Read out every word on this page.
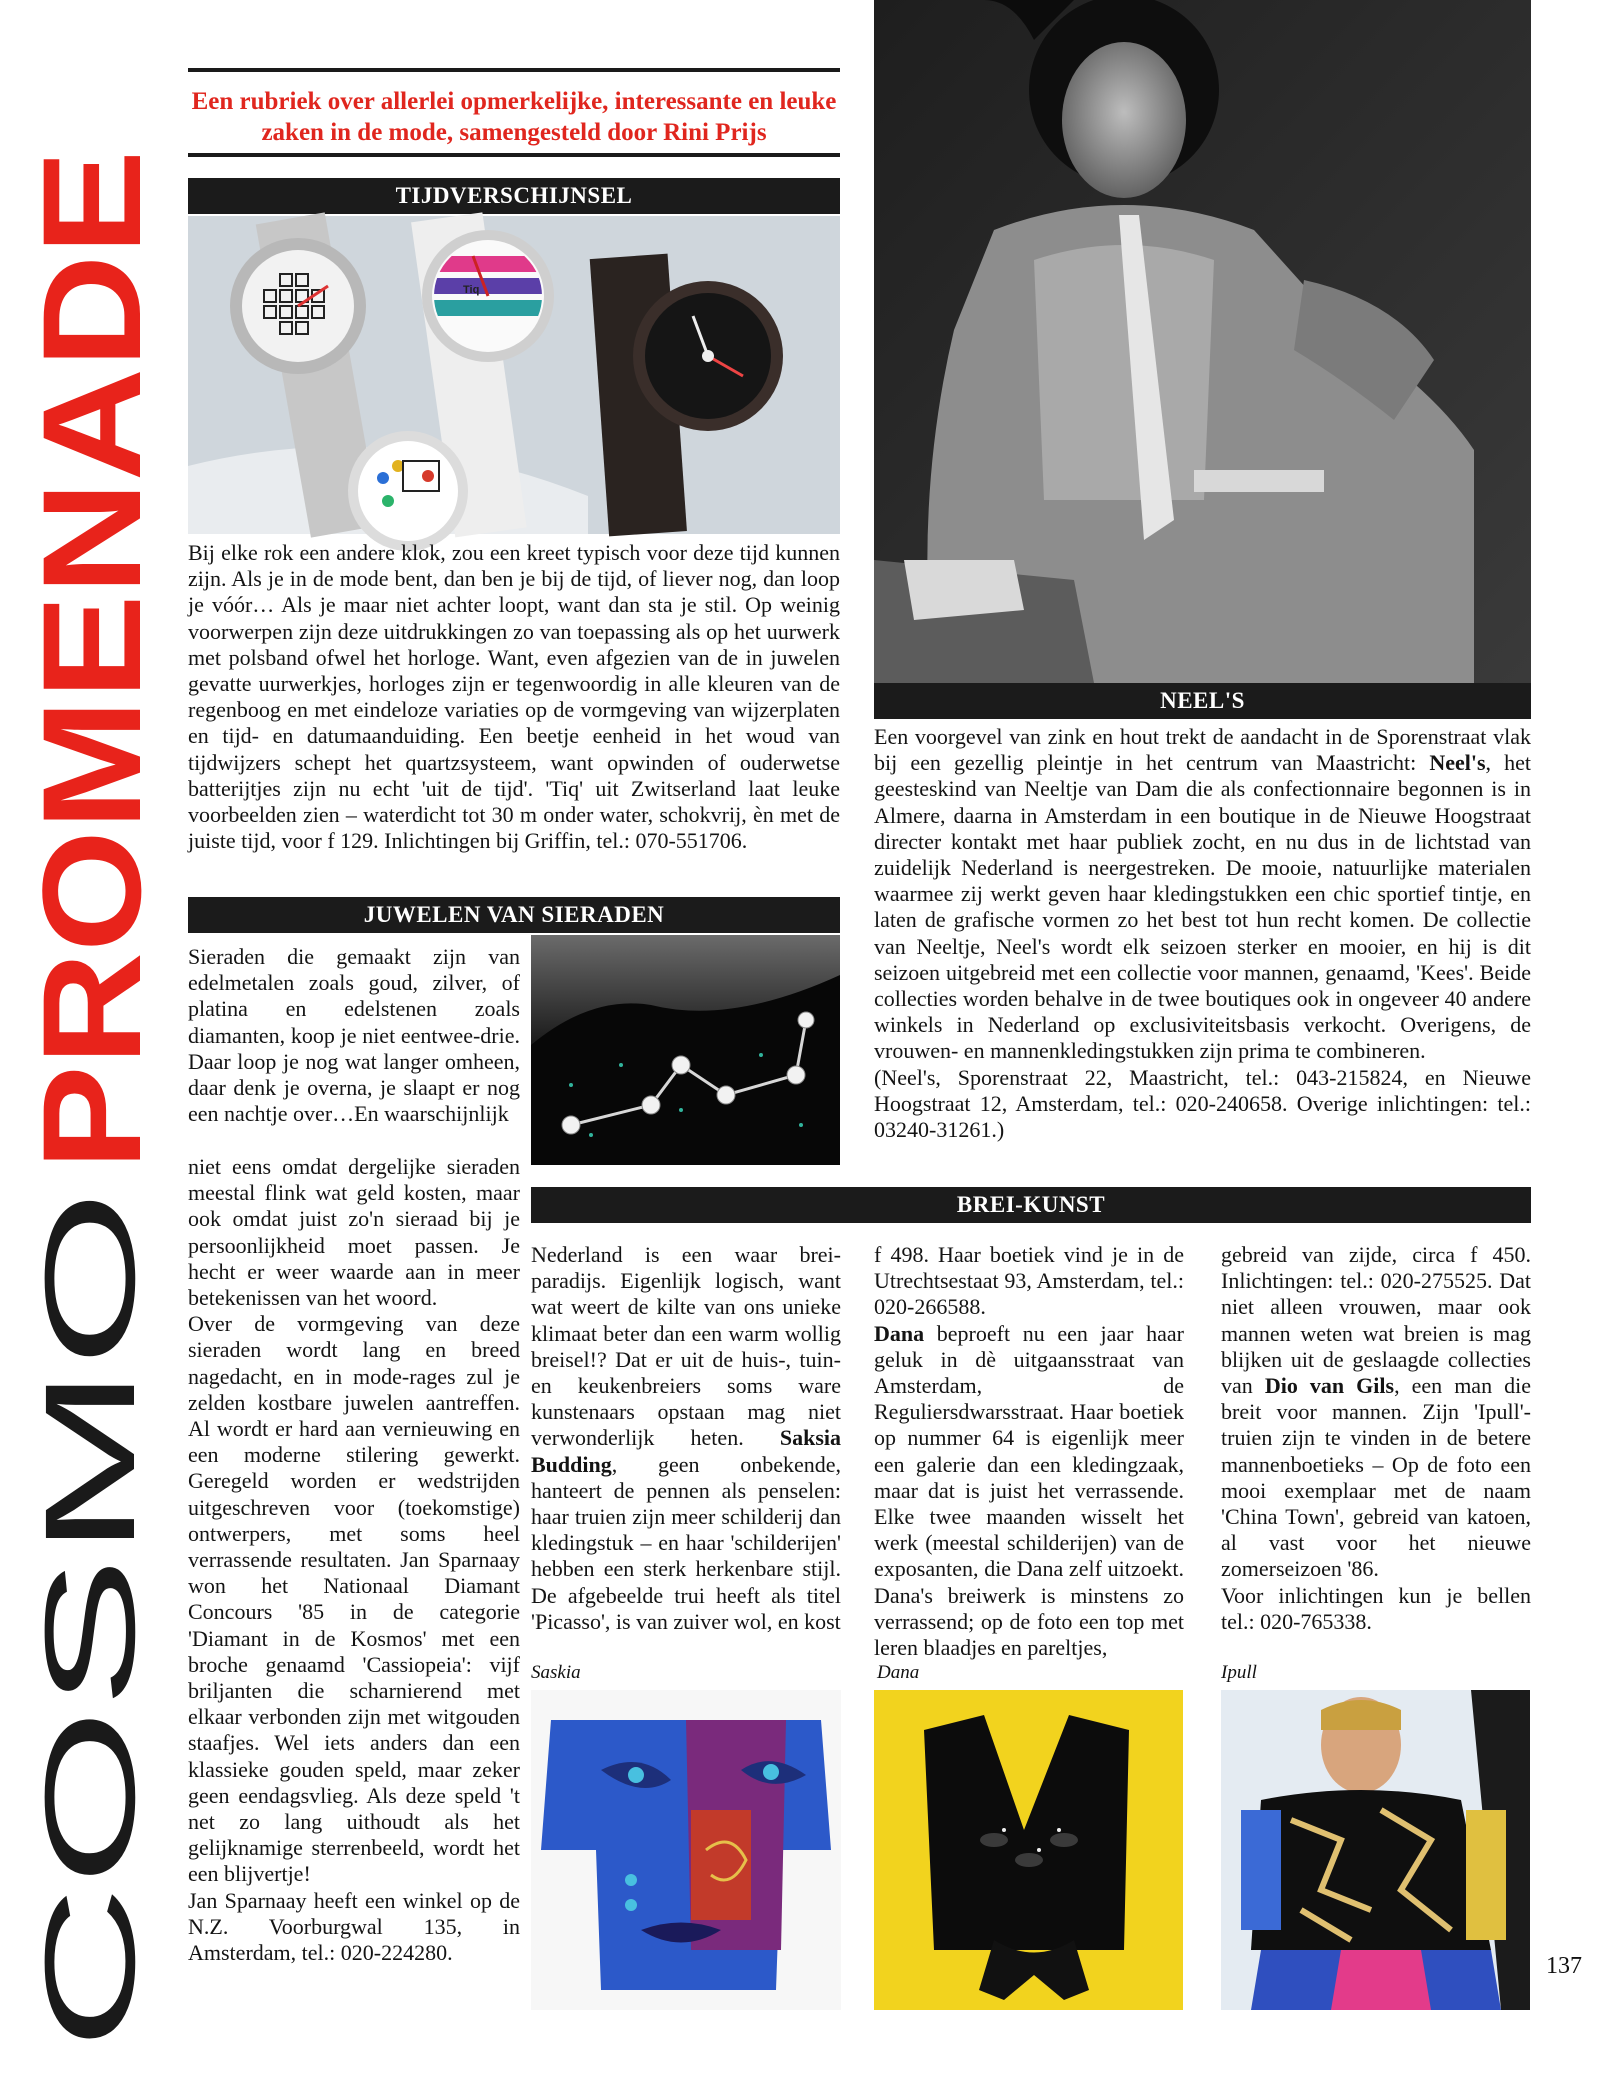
COSMO
PROMENADE
Een rubriek over allerlei opmerkelijke, interessante en leuke zaken in de mode, samengesteld door Rini Prijs
TIJDVERSCHIJNSEL
Tiq

Bij elke rok een andere klok, zou een kreet typisch voor deze tijd kunnen zijn. Als je in de mode bent, dan ben je bij de tijd, of liever nog, dan loop je vóór… Als je maar niet achter loopt, want dan sta je stil. Op weinig voorwerpen zijn deze uitdrukkingen zo van toepassing als op het uurwerk met polsband ofwel het horloge. Want, even afgezien van de in juwelen gevatte uurwerkjes, horloges zijn er tegenwoordig in alle kleuren van de regenboog en met eindeloze variaties op de vormgeving van wijzerplaten en tijd- en datumaanduiding. Een beetje eenheid in het woud van tijdwijzers schept het quartzsysteem, want opwinden of ouderwetse batterijtjes zijn nu echt 'uit de tijd'. 'Tiq' uit Zwitserland laat leuke voorbeelden zien – waterdicht tot 30 m onder water, schokvrij, èn met de juiste tijd, voor f 129. Inlichtingen bij Griffin, tel.: 070-551706.

JUWELEN VAN SIERADEN

Sieraden die gemaakt zijn van edelmetalen zoals goud, zilver, of platina en edelstenen zoals diamanten, koop je niet eentwee-drie. Daar loop je nog wat langer omheen, daar denk je overna, je slaapt er nog een nachtje over…En waarschijnlijk

niet eens omdat dergelijke sieraden meestal flink wat geld kosten, maar ook omdat juist zo'n sieraad bij je persoonlijkheid moet passen. Je hecht er weer waarde aan in meer betekenissen van het woord.

Over de vormgeving van deze sieraden wordt lang en breed nagedacht, en in mode-rages zul je zelden kostbare juwelen aantreffen. Al wordt er hard aan vernieuwing en een moderne stilering gewerkt. Geregeld worden er wedstrijden uitgeschreven voor (toekomstige) ontwerpers, met soms heel verrassende resultaten. Jan Sparnaay won het Nationaal Diamant Concours '85 in de categorie 'Diamant in de Kosmos' met een broche genaamd 'Cassiopeia': vijf briljanten die scharnierend met elkaar verbonden zijn met witgouden staafjes. Wel iets anders dan een klassieke gouden speld, maar zeker geen eendagsvlieg. Als deze speld 't net zo lang uithoudt als het gelijknamige sterrenbeeld, wordt het een blijvertje!

Jan Sparnaay heeft een winkel op de N.Z. Voorburgwal 135, in Amsterdam, tel.: 020-224280.

NEEL'S

Een voorgevel van zink en hout trekt de aandacht in de Sporenstraat vlak bij een gezellig pleintje in het centrum van Maastricht: Neel's, het geesteskind van Neeltje van Dam die als confectionnaire begonnen is in Almere, daarna in Amsterdam in een boutique in de Nieuwe Hoogstraat directer kontakt met haar publiek zocht, en nu dus in de lichtstad van zuidelijk Nederland is neergestreken. De mooie, natuurlijke materialen waarmee zij werkt geven haar kledingstukken een chic sportief tintje, en laten de grafische vormen zo het best tot hun recht komen. De collectie van Neeltje, Neel's wordt elk seizoen sterker en mooier, en hij is dit seizoen uitgebreid met een collectie voor mannen, genaamd, 'Kees'. Beide collecties worden behalve in de twee boutiques ook in ongeveer 40 andere winkels in Nederland op exclusiviteitsbasis verkocht. Overigens, de vrouwen- en mannenkledingstukken zijn prima te combineren.

(Neel's, Sporenstraat 22, Maastricht, tel.: 043-215824, en Nieuwe Hoogstraat 12, Amsterdam, tel.: 020-240658. Overige inlichtingen: tel.: 03240-31261.)

BREI-KUNST

Nederland is een waar brei-paradijs. Eigenlijk logisch, want wat weert de kilte van ons unieke klimaat beter dan een warm wollig breisel!? Dat er uit de huis-, tuin- en keukenbreiers soms ware kunstenaars opstaan mag niet verwonderlijk heten. Saksia Budding, geen onbekende, hanteert de pennen als penselen: haar truien zijn meer schilderij dan kledingstuk – en haar 'schilderijen' hebben een sterk herkenbare stijl. De afgebeelde trui heeft als titel 'Picasso', is van zuiver wol, en kost

f 498. Haar boetiek vind je in de Utrechtsestaat 93, Amsterdam, tel.: 020-266588.

Dana beproeft nu een jaar haar geluk in dè uitgaansstraat van Amsterdam, de Reguliersdwarsstraat. Haar boetiek op nummer 64 is eigenlijk meer een galerie dan een kledingzaak, maar dat is juist het verrassende. Elke twee maanden wisselt het werk (meestal schilderijen) van de exposanten, die Dana zelf uitzoekt. Dana's breiwerk is minstens zo verrassend; op de foto een top met leren blaadjes en pareltjes,

gebreid van zijde, circa f 450. Inlichtingen: tel.: 020-275525. Dat niet alleen vrouwen, maar ook mannen weten wat breien is mag blijken uit de geslaagde collecties van Dio van Gils, een man die breit voor mannen. Zijn 'Ipull'-truien zijn te vinden in de betere mannenboetieks – Op de foto een mooi exemplaar met de naam 'China Town', gebreid van katoen, al vast voor het nieuwe zomerseizoen '86.

Voor inlichtingen kun je bellen tel.: 020-765338.

Saskia	Dana	Ipull
137
